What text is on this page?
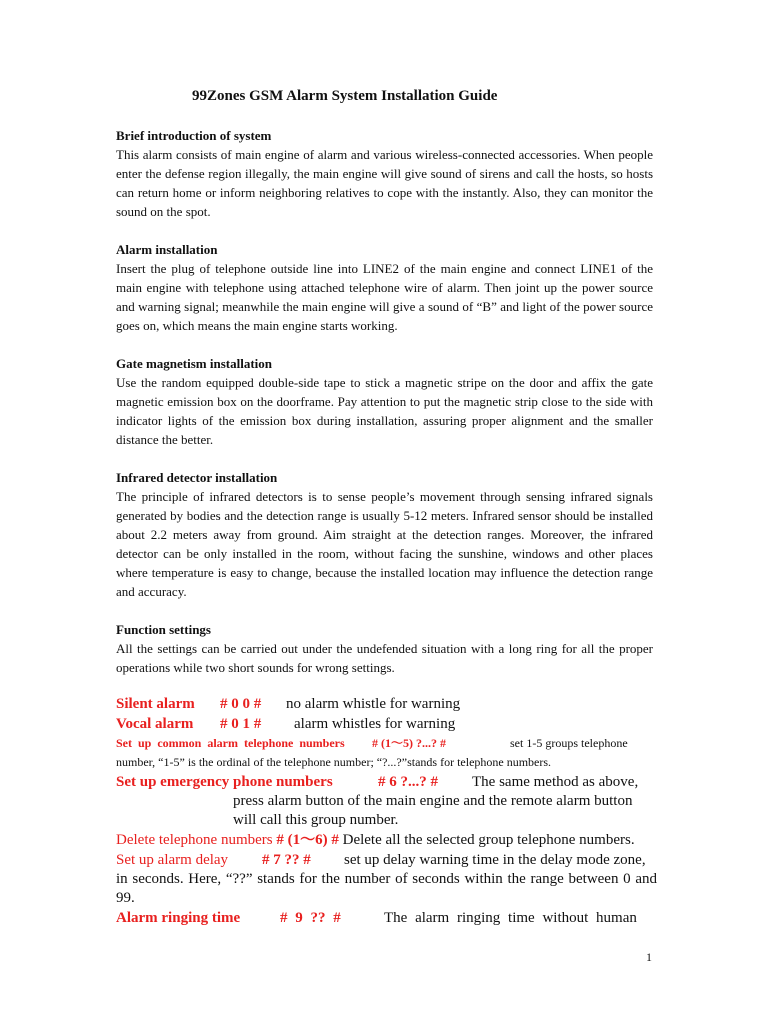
99Zones GSM Alarm System Installation Guide
Brief introduction of system

This alarm consists of main engine of alarm and various wireless-connected accessories. When people enter the defense region illegally, the main engine will give sound of sirens and call the hosts, so hosts can return home or inform neighboring relatives to cope with the instantly. Also, they can monitor the sound on the spot.

Alarm installation

Insert the plug of telephone outside line into LINE2 of the main engine and connect LINE1 of the main engine with telephone using attached telephone wire of alarm. Then joint up the power source and warning signal; meanwhile the main engine will give a sound of “B” and light of the power source goes on, which means the main engine starts working.

Gate magnetism installation

Use the random equipped double-side tape to stick a magnetic stripe on the door and affix the gate magnetic emission box on the doorframe. Pay attention to put the magnetic strip close to the side with indicator lights of the emission box during installation, assuring proper alignment and the smaller distance the better.

Infrared detector installation

The principle of infrared detectors is to sense people’s movement through sensing infrared signals generated by bodies and the detection range is usually 5-12 meters. Infrared sensor should be installed about 2.2 meters away from ground. Aim straight at the detection ranges. Moreover, the infrared detector can be only installed in the room, without facing the sunshine, windows and other places where temperature is easy to change, because the installed location may influence the detection range and accuracy.

Function settings

All the settings can be carried out under the undefended situation with a long ring for all the proper operations while two short sounds for wrong settings.

Silent alarm # 0 0 # no alarm whistle for warning
Vocal alarm # 0 1 # alarm whistles for warning
Set up common alarm telephone numbers # (1～5) ?...? #	set 1-5 groups telephone
number, “1-5” is the ordinal of the telephone number; “?...?”stands for telephone numbers.
Set up emergency phone numbers	# 6 ?...? # The same method as above,
press alarm button of the main engine and the remote alarm button
will call this group number.
Delete telephone numbers # (1～6) # Delete all the selected group telephone numbers.
Set up alarm delay # 7 ?? # set up delay warning time in the delay mode zone,
in seconds. Here, “??” stands for the number of seconds within the range between 0 and 99.
Alarm ringing time	# 9 ?? #	The alarm ringing time without human
1
